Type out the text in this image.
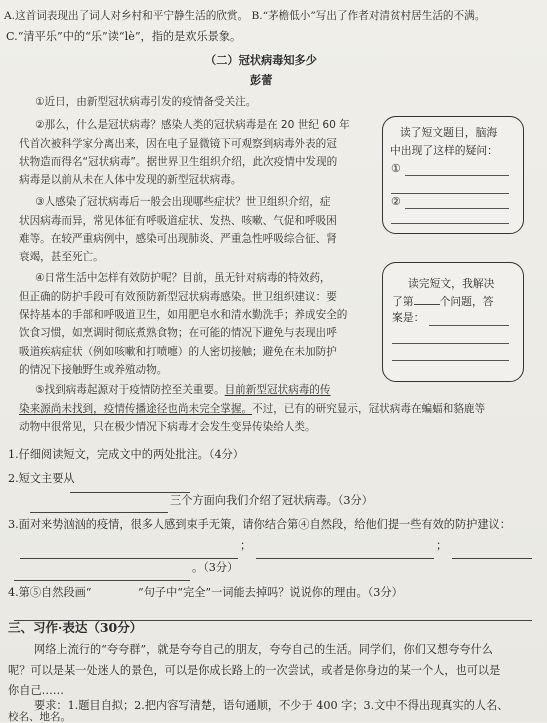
A.这首词表现出了词人对乡村和平宁静生活的欣赏。 B.“茅檐低小”写出了作者对清贫村居生活的不满。
C.“清平乐”中的“乐”读“lè”，指的是欢乐景象。
（二）冠状病毒知多少
彭蕾
①近日，由新型冠状病毒引发的疫情备受关注。
②那么，什么是冠状病毒？感染人类的冠状病毒是在 20 世纪 60 年
代首次被科学家分离出来，因在电子显微镜下可观察到病毒外表的冠
状物造而得名“冠状病毒”。据世界卫生组织介绍，此次疫情中发现的
病毒是以前从未在人体中发现的新型冠状病毒。
③人感染了冠状病毒后一般会出现哪些症状？世卫组织介绍，症
状因病毒而异，常见体征有呼吸道症状、发热、咳嗽、气促和呼吸困
难等。在较严重病例中，感染可出现肺炎、严重急性呼吸综合征、肾
衰竭，甚至死亡。
④日常生活中怎样有效防护呢？目前，虽无针对病毒的特效药，
但正确的防护手段可有效预防新型冠状病毒感染。世卫组织建议：要
保持基本的手部和呼吸道卫生，如用肥皂水和清水勤洗手；养成安全的
饮食习惯，如烹调时彻底煮熟食物；在可能的情况下避免与表现出呼
吸道疾病症状（例如咳嗽和打喷嚏）的人密切接触；避免在未加防护
的情况下接触野生或养殖动物。
⑤找到病毒起源对于疫情防控至关重要。目前新型冠状病毒的传
染来源尚未找到，疫情传播途径也尚未完全掌握。不过，已有的研究显示，冠状病毒在蝙蝠和貉鹿等
动物中很常见，只在极少情况下病毒才会发生变异传染给人类。
读了短文题目，脑海
中出现了这样的疑问：
①
②
读完短文，我解决
了第 个问题，答
案是：
1.仔细阅读短文，完成文中的两处批注。（4分）
2.短文主要从
三个方面向我们介绍了冠状病毒。（3分）
3.面对来势汹汹的疫情，很多人感到束手无策，请你结合第④自然段，给他们提一些有效的防护建议：
；	；
。（3分）
4.第⑤自然段画“	”句子中“完全”一词能去掉吗？说说你的理由。（3分）
三、习作·表达（30分）
网络上流行的“夸夸群”，就是夸夸自己的朋友，夸夸自己的生活。同学们，你们又想夸夸什么
呢？可以是某一处迷人的景色，可以是你成长路上的一次尝试，或者是你身边的某一个人，也可以是
你自己……
要求：1.题目自拟；2.把内容写清楚，语句通顺，不少于 400 字；3.文中不得出现真实的人名、
校名、地名。
